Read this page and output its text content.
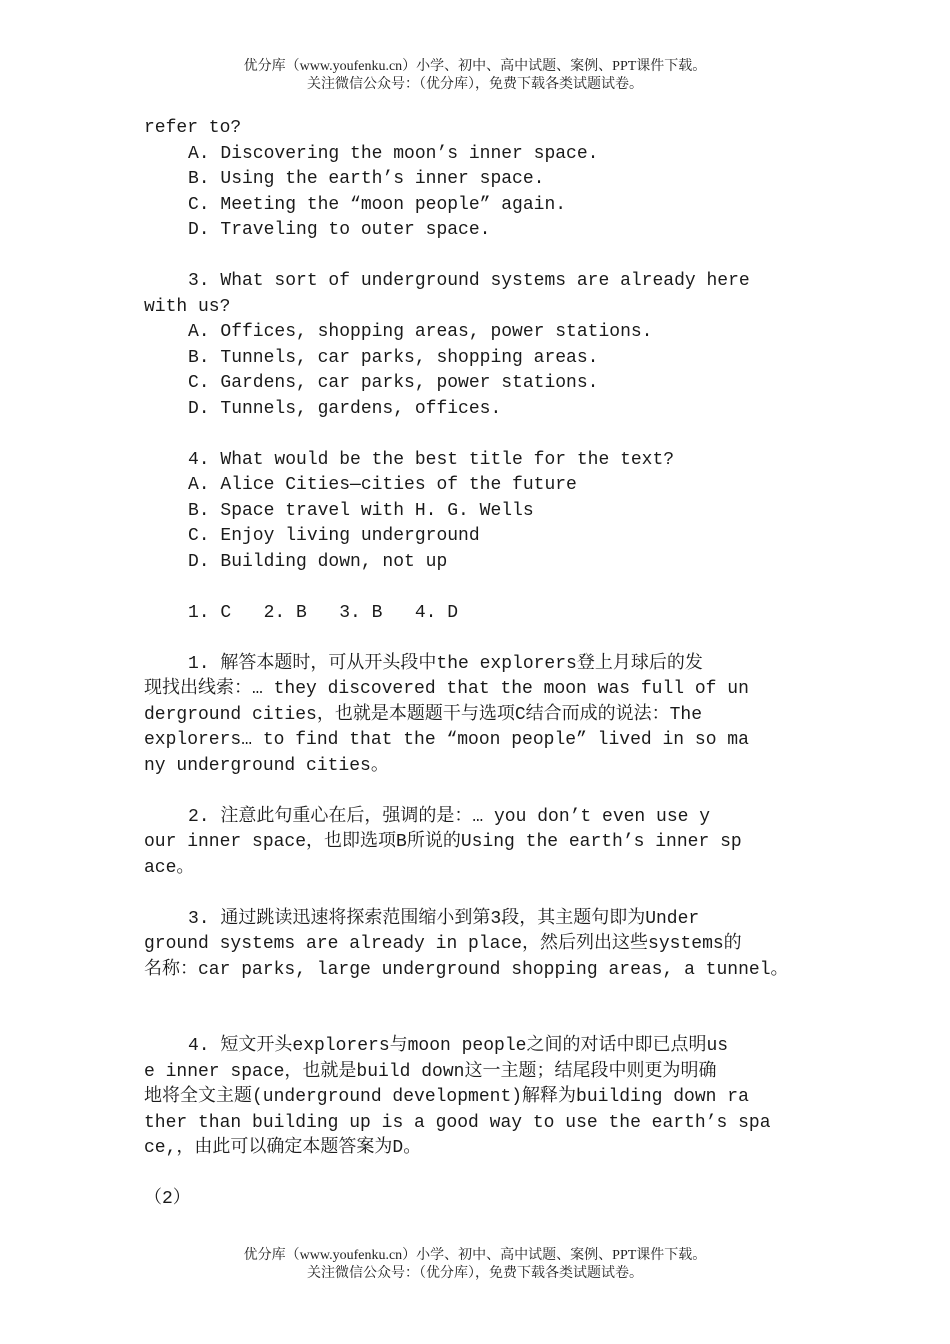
优分库（www.youfenku.cn）小学、初中、高中试题、案例、PPT课件下载。
关注微信公众号：（优分库），免费下载各类试题试卷。
refer to?
A. Discovering the moon’s inner space.
B. Using the earth’s inner space.
C. Meeting the “moon people” again.
D. Traveling to outer space.
3. What sort of underground systems are already here
with us?
A. Offices, shopping areas, power stations.
B. Tunnels, car parks, shopping areas.
C. Gardens, car parks, power stations.
D. Tunnels, gardens, offices.
4. What would be the best title for the text?
A. Alice Cities—cities of the future
B. Space travel with H. G. Wells
C. Enjoy living underground
D. Building down, not up
1. C   2. B   3. B   4. D
1. 解答本题时，可从开头段中the explorers登上月球后的发
现找出线索：… they discovered that the moon was full of un
derground cities，也就是本题题干与选项C结合而成的说法：The
explorers… to find that the “moon people” lived in so ma
ny underground cities。
2. 注意此句重心在后，强调的是：… you don’t even use y
our inner space，也即选项B所说的Using the earth’s inner sp
ace。
3. 通过跳读迅速将探索范围缩小到第3段，其主题句即为Under
ground systems are already in place，然后列出这些systems的
名称：car parks, large underground shopping areas, a tunnel。
4. 短文开头explorers与moon people之间的对话中即已点明us
e inner space，也就是build down这一主题；结尾段中则更为明确
地将全文主题(underground development)解释为building down ra
ther than building up is a good way to use the earth’s spa
ce,，由此可以确定本题答案为D。
（2）
优分库（www.youfenku.cn）小学、初中、高中试题、案例、PPT课件下载。
关注微信公众号：（优分库），免费下载各类试题试卷。
